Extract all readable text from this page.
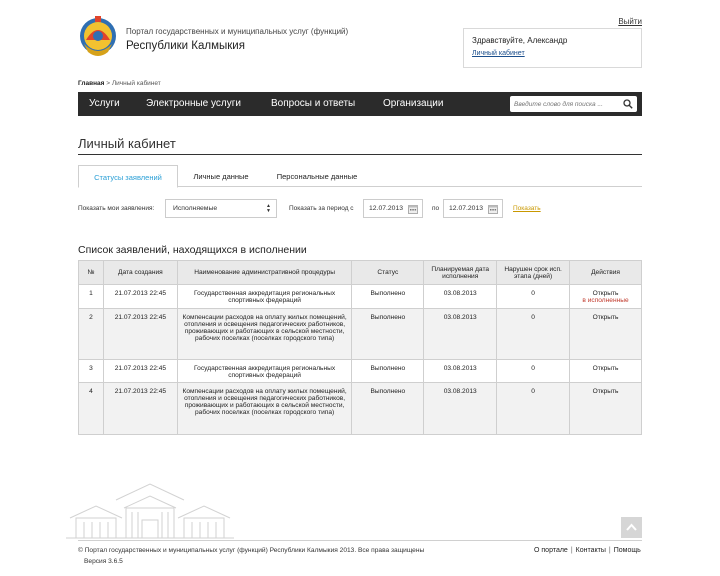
Портал государственных и муниципальных услуг (функций)
Республики Калмыкия
Выйти
Здравствуйте, Александр
Личный кабинет
Главная > Личный кабинет
Услуги	Электронные услуги	Вопросы и ответы	Организации
Введите слово для поиска ...
Личный кабинет
Статусы заявлений	Личные данные	Персональные данные
Показать мои заявления:	Исполняемые	▲
▼	Показать за период с	12.07.2013	по	12.07.2013	Показать
Список заявлений, находящихся в исполнении
№	Дата создания	Наименование административной процедуры	Статус	Планируемая дата исполнения	Нарушен срок исп. этапа (дней)	Действия
1	21.07.2013 22:45	Государственная аккредитация региональных спортивных федераций	Выполнено	03.08.2013	0	Открыть
в исполненные

2	21.07.2013 22:45	Компенсации расходов на оплату жилых помещений, отопления и освещения педагогических работников, проживающих и работающих в сельской местности, рабочих поселках (поселках городского типа)	Выполнено	03.08.2013	0	Открыть

3	21.07.2013 22:45	Государственная аккредитация региональных спортивных федераций	Выполнено	03.08.2013	0	Открыть

4	21.07.2013 22:45	Компенсации расходов на оплату жилых помещений, отопления и освещения педагогических работников, проживающих и работающих в сельской местности, рабочих поселках (поселках городского типа)	Выполнено	03.08.2013	0	Открыть
© Портал государственных и муниципальных услуг (функций) Республики Калмыкия 2013. Все права защищены
Версия 3.6.5
О портале | Контакты | Помощь
